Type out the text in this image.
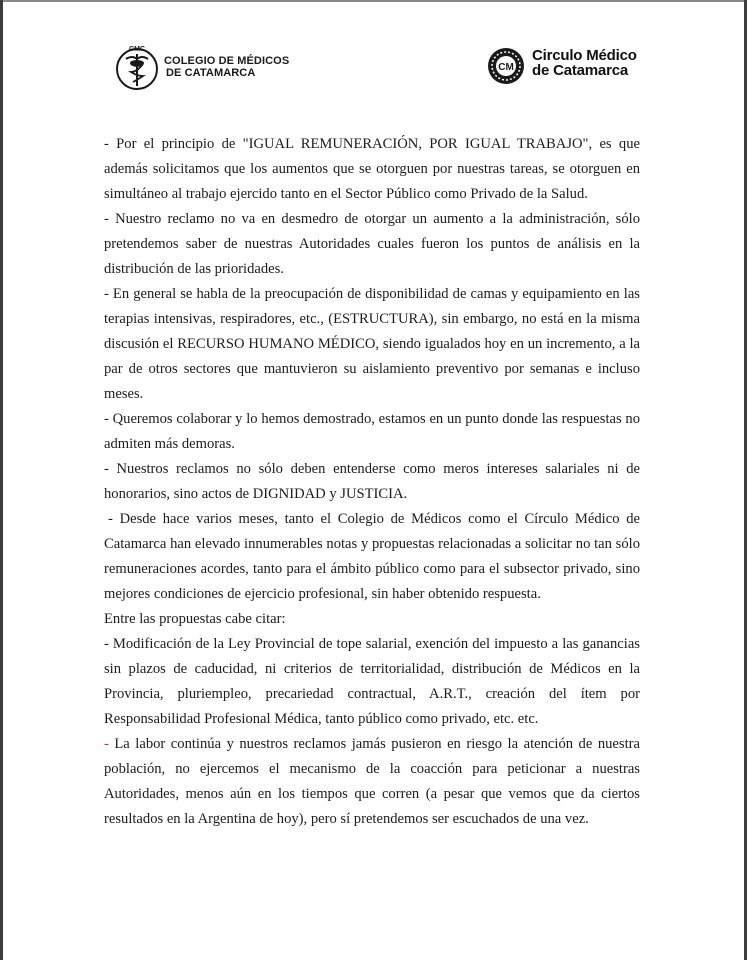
CMC
COLEGIO DE MÉDICOS
DE CATAMARCA	CM
Circulo Médico
de Catamarca

- Por el principio de "IGUAL REMUNERACIÓN, POR IGUAL TRABAJO", es que además solicitamos que los aumentos que se otorguen por nuestras tareas, se otorguen en simultáneo al trabajo ejercido tanto en el Sector Público como Privado de la Salud.

- Nuestro reclamo no va en desmedro de otorgar un aumento a la administración, sólo pretendemos saber de nuestras Autoridades cuales fueron los puntos de análisis en la distribución de las prioridades.

- En general se habla de la preocupación de disponibilidad de camas y equipamiento en las terapias intensivas, respiradores, etc., (ESTRUCTURA), sin embargo, no está en la misma discusión el RECURSO HUMANO MÉDICO, siendo igualados hoy en un incremento, a la par de otros sectores que mantuvieron su aislamiento preventivo por semanas e incluso meses.

- Queremos colaborar y lo hemos demostrado, estamos en un punto donde las respuestas no admiten más demoras.

- Nuestros reclamos no sólo deben entenderse como meros intereses salariales ni de honorarios, sino actos de DIGNIDAD y JUSTICIA.

- Desde hace varios meses, tanto el Colegio de Médicos como el Círculo Médico de Catamarca han elevado innumerables notas y propuestas relacionadas a solicitar no tan sólo remuneraciones acordes, tanto para el ámbito público como para el subsector privado, sino mejores condiciones de ejercicio profesional, sin haber obtenido respuesta.

Entre las propuestas cabe citar:

- Modificación de la Ley Provincial de tope salarial, exención del impuesto a las ganancias sin plazos de caducidad, ni criterios de territorialidad, distribución de Médicos en la Provincia, pluriempleo, precariedad contractual, A.R.T., creación del ítem por Responsabilidad Profesional Médica, tanto público como privado, etc. etc.

- La labor continúa y nuestros reclamos jamás pusieron en riesgo la atención de nuestra población, no ejercemos el mecanismo de la coacción para peticionar a nuestras Autoridades, menos aún en los tiempos que corren (a pesar que vemos que da ciertos resultados en la Argentina de hoy), pero sí pretendemos ser escuchados de una vez.
